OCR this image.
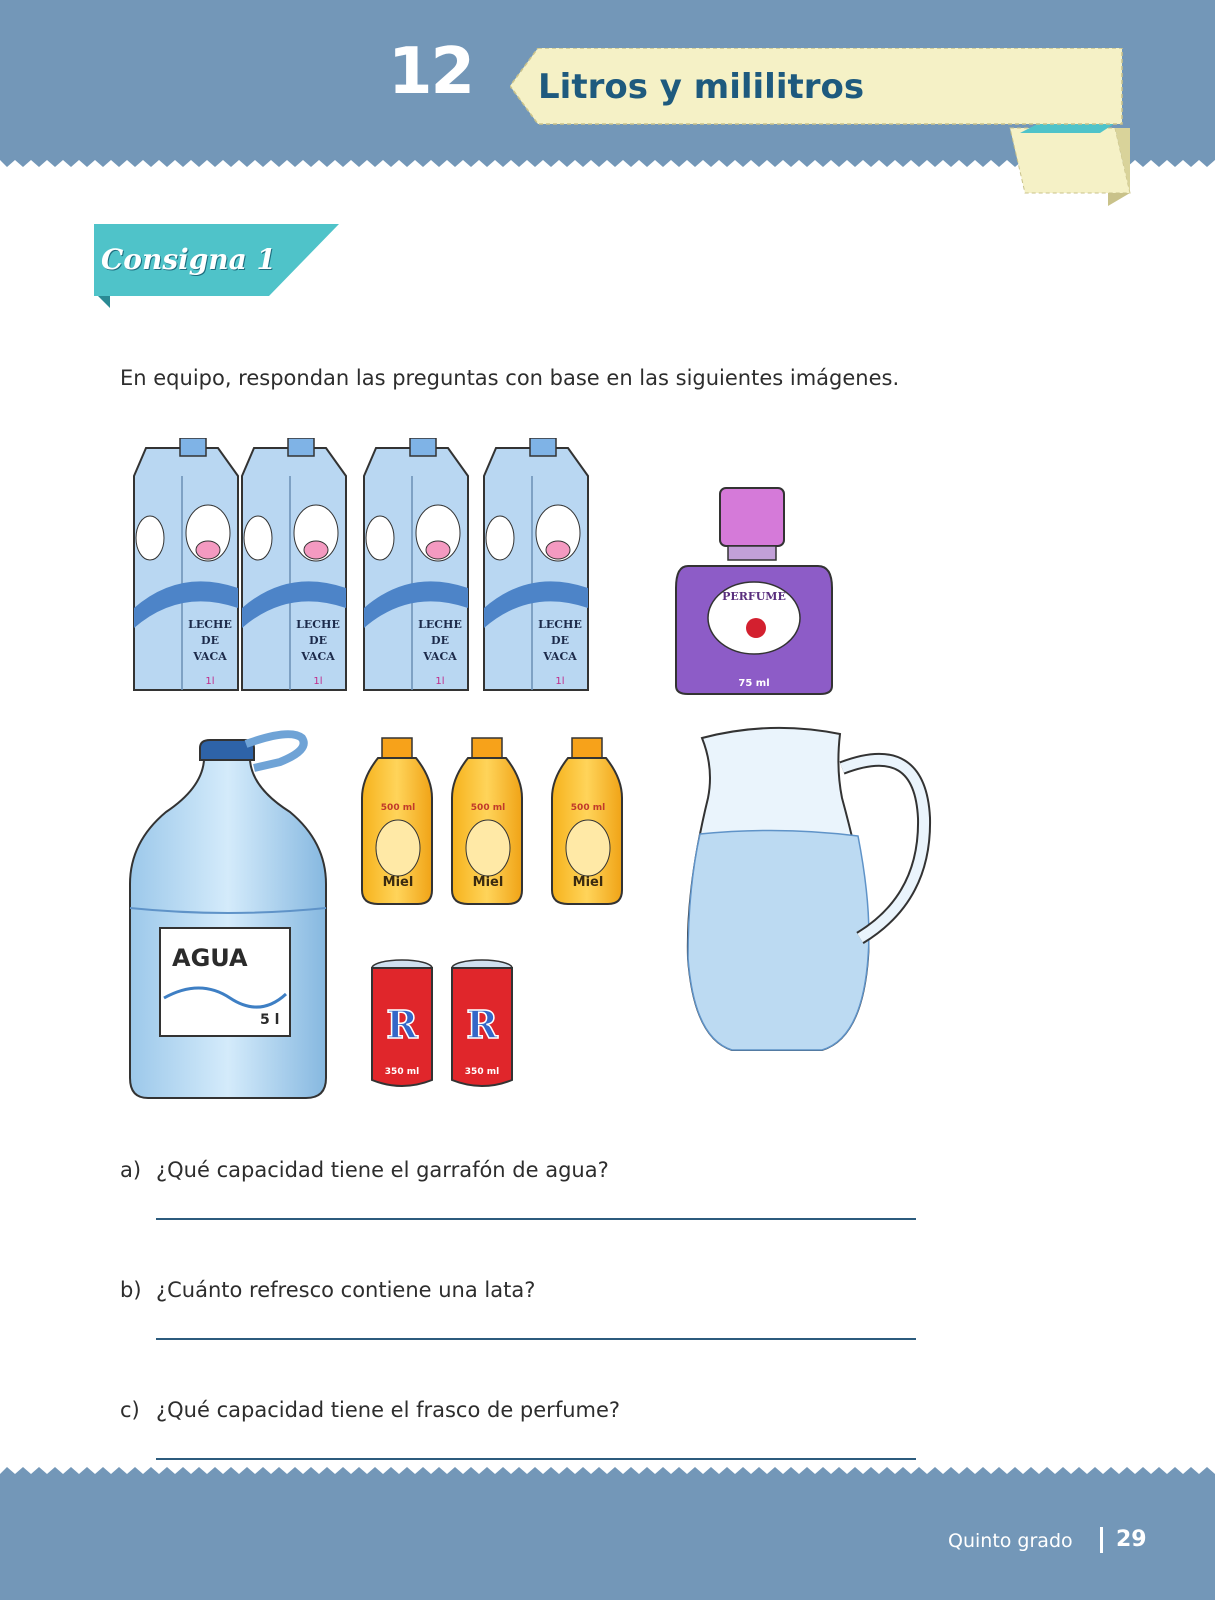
12 Litros y mililitros
Consigna 1
En equipo, respondan las preguntas con base en las siguientes imágenes.
LECHE
DE
VACA
1l
LECHE
DE
VACA
1l
LECHE
DE
VACA
1l
LECHE
DE
VACA
1l
PERFUME
75 ml
AGUA
5 l
500 ml
Miel
500 ml
Miel
500 ml
Miel
R
350 ml
R
350 ml
a) ¿Qué capacidad tiene el garrafón de agua?
b) ¿Cuánto refresco contiene una lata?
c) ¿Qué capacidad tiene el frasco de perfume?
Quinto grado 29
